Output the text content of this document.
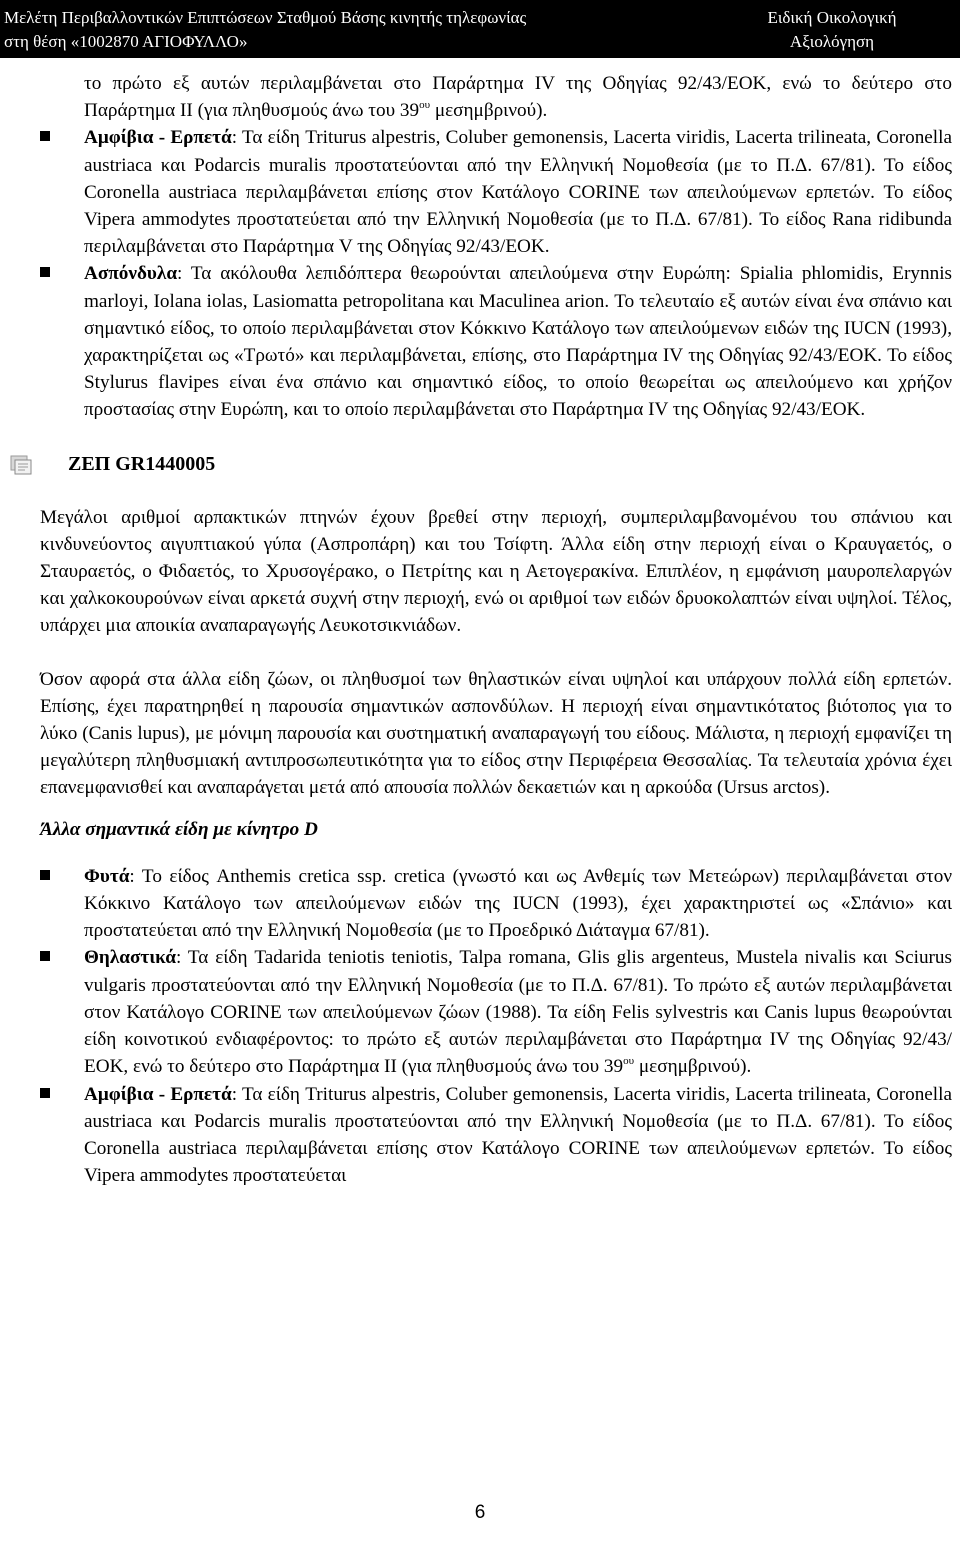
Μελέτη Περιβαλλοντικών Επιπτώσεων Σταθμού Βάσης κινητής τηλεφωνίας
στη θέση «1002870 ΑΓΙΟΦΥΛΛΟ»
Ειδική Οικολογική
Αξιολόγηση

το πρώτο εξ αυτών περιλαμβάνεται στο Παράρτημα IV της Οδηγίας 92/43/ΕΟΚ, ενώ το δεύτερο στο Παράρτημα ΙΙ (για πληθυσμούς άνω του $39^{o\upsilon}$ μεσημβρινού).

Αμφίβια - Ερπετά: Τα είδη Triturus alpestris, Coluber gemonensis, Lacerta viridis, Lacerta trilineata, Coronella austriaca και Podarcis muralis προστατεύονται από την Ελληνική Νομοθεσία (με το Π.Δ. 67/81). Το είδος Coronella austriaca περιλαμβάνεται επίσης στον Κατάλογο CORINE των απειλούμενων ερπετών. Το είδος Vipera ammodytes προστατεύεται από την Ελληνική Νομοθεσία (με το Π.Δ. 67/81). Το είδος Rana ridibunda περιλαμβάνεται στο Παράρτημα V της Οδηγίας 92/43/ΕΟΚ.
Ασπόνδυλα: Τα ακόλουθα λεπιδόπτερα θεωρούνται απειλούμενα στην Ευρώπη: Spialia phlomidis, Erynnis marloyi, Iolana iolas, Lasiomatta petropolitana και Maculinea arion. Το τελευταίο εξ αυτών είναι ένα σπάνιο και σημαντικό είδος, το οποίο περιλαμβάνεται στον Κόκκινο Κατάλογο των απειλούμενων ειδών της IUCN (1993), χαρακτηρίζεται ως «Τρωτό» και περιλαμβάνεται, επίσης, στο Παράρτημα IV της Οδηγίας 92/43/ΕΟΚ. Το είδος Stylurus flavipes είναι ένα σπάνιο και σημαντικό είδος, το οποίο θεωρείται ως απειλούμενο και χρήζον προστασίας στην Ευρώπη, και το οποίο περιλαμβάνεται στο Παράρτημα IV της Οδηγίας 92/43/ΕΟΚ.
ΖΕΠ GR1440005

Μεγάλοι αριθμοί αρπακτικών πτηνών έχουν βρεθεί στην περιοχή, συμπεριλαμβανομένου του σπάνιου και κινδυνεύοντος αιγυπτιακού γύπα (Ασπροπάρη) και του Τσίφτη. Άλλα είδη στην περιοχή είναι ο Κραυγαετός, ο Σταυραετός, ο Φιδαετός, το Χρυσογέρακο, ο Πετρίτης και η Αετογερακίνα. Επιπλέον, η εμφάνιση μαυροπελαργών και χαλκοκουρούνων είναι αρκετά συχνή στην περιοχή, ενώ οι αριθμοί των ειδών δρυοκολαπτών είναι υψηλοί. Τέλος, υπάρχει μια αποικία αναπαραγωγής Λευκοτσικνιάδων.

Όσον αφορά στα άλλα είδη ζώων, οι πληθυσμοί των θηλαστικών είναι υψηλοί και υπάρχουν πολλά είδη ερπετών. Επίσης, έχει παρατηρηθεί η παρουσία σημαντικών ασπονδύλων. Η περιοχή είναι σημαντικότατος βιότοπος για το λύκο (Canis lupus), με μόνιμη παρουσία και συστηματική αναπαραγωγή του είδους. Μάλιστα, η περιοχή εμφανίζει τη μεγαλύτερη πληθυσμιακή αντιπροσωπευτικότητα για το είδος στην Περιφέρεια Θεσσαλίας. Τα τελευταία χρόνια έχει επανεμφανισθεί και αναπαράγεται μετά από απουσία πολλών δεκαετιών και η αρκούδα (Ursus arctos).

Άλλα σημαντικά είδη με κίνητρο D
Φυτά: Το είδος Anthemis cretica ssp. cretica (γνωστό και ως Ανθεμίς των Μετεώρων) περιλαμβάνεται στον Κόκκινο Κατάλογο των απειλούμενων ειδών της IUCN (1993), έχει χαρακτηριστεί ως «Σπάνιο» και προστατεύεται από την Ελληνική Νομοθεσία (με το Προεδρικό Διάταγμα 67/81).
Θηλαστικά: Τα είδη Tadarida teniotis teniotis, Talpa romana, Glis glis argenteus, Mustela nivalis και Sciurus vulgaris προστατεύονται από την Ελληνική Νομοθεσία (με το Π.Δ. 67/81). Το πρώτο εξ αυτών περιλαμβάνεται στον Κατάλογο CORINE των απειλούμενων ζώων (1988). Τα είδη Felis sylvestris και Canis lupus θεωρούνται είδη κοινοτικού ενδιαφέροντος: το πρώτο εξ αυτών περιλαμβάνεται στο Παράρτημα IV της Οδηγίας 92/43/ΕΟΚ, ενώ το δεύτερο στο Παράρτημα ΙΙ (για πληθυσμούς άνω του $39^{o\upsilon}$ μεσημβρινού).
Αμφίβια - Ερπετά: Τα είδη Triturus alpestris, Coluber gemonensis, Lacerta viridis, Lacerta trilineata, Coronella austriaca και Podarcis muralis προστατεύονται από την Ελληνική Νομοθεσία (με το Π.Δ. 67/81). Το είδος Coronella austriaca περιλαμβάνεται επίσης στον Κατάλογο CORINE των απειλούμενων ερπετών. Το είδος Vipera ammodytes προστατεύεται
6
